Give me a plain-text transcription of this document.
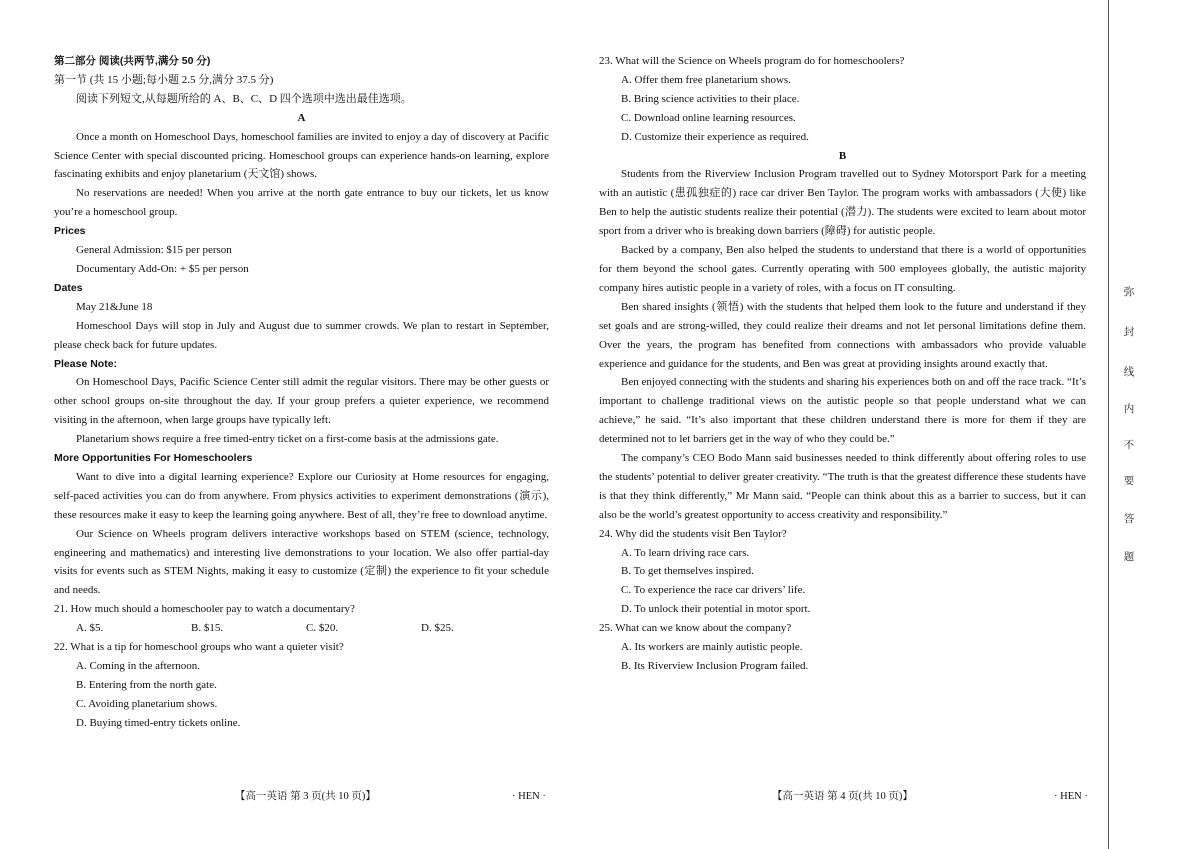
第二部分 阅读(共两节,满分 50 分)

第一节 (共 15 小题;每小题 2.5 分,满分 37.5 分)

阅读下列短文,从每题所给的 A、B、C、D 四个选项中选出最佳选项。

A

Once a month on Homeschool Days, homeschool families are invited to enjoy a day of discovery at Pacific Science Center with special discounted pricing. Homeschool groups can experience hands-on learning, explore fascinating exhibits and enjoy planetarium (天文馆) shows.

No reservations are needed! When you arrive at the north gate entrance to buy our tickets, let us know you’re a homeschool group.

Prices

General Admission: $15 per person

Documentary Add-On: + $5 per person

Dates

May 21&June 18

Homeschool Days will stop in July and August due to summer crowds. We plan to restart in September, please check back for future updates.

Please Note:

On Homeschool Days, Pacific Science Center still admit the regular visitors. There may be other guests or other school groups on-site throughout the day. If your group prefers a quieter experience, we recommend visiting in the afternoon, when large groups have typically left.

Planetarium shows require a free timed-entry ticket on a first-come basis at the admissions gate.

More Opportunities For Homeschoolers

Want to dive into a digital learning experience? Explore our Curiosity at Home resources for engaging, self-paced activities you can do from anywhere. From physics activities to experiment demonstrations (演示), these resources make it easy to keep the learning going anywhere. Best of all, they’re free to download anytime.

Our Science on Wheels program delivers interactive workshops based on STEM (science, technology, engineering and mathematics) and interesting live demonstrations to your location. We also offer partial-day visits for events such as STEM Nights, making it easy to customize (定制) the experience to fit your schedule and needs.

21. How much should a homeschooler pay to watch a documentary?

A. $5.	B. $15.	C. $20.	D. $25.

22. What is a tip for homeschool groups who want a quieter visit?

A. Coming in the afternoon.

B. Entering from the north gate.

C. Avoiding planetarium shows.

D. Buying timed-entry tickets online.

【高一英语 第 3 页(共 10 页)】	· HEN ·

23. What will the Science on Wheels program do for homeschoolers?

A. Offer them free planetarium shows.

B. Bring science activities to their place.

C. Download online learning resources.

D. Customize their experience as required.

B

Students from the Riverview Inclusion Program travelled out to Sydney Motorsport Park for a meeting with an autistic (患孤独症的) race car driver Ben Taylor. The program works with ambassadors (大使) like Ben to help the autistic students realize their potential (潜力). The students were excited to learn about motor sport from a driver who is breaking down barriers (障碍) for autistic people.

Backed by a company, Ben also helped the students to understand that there is a world of opportunities for them beyond the school gates. Currently operating with 500 employees globally, the autistic majority company hires autistic people in a variety of roles, with a focus on IT consulting.

Ben shared insights (领悟) with the students that helped them look to the future and understand if they set goals and are strong-willed, they could realize their dreams and not let personal limitations define them. Over the years, the program has benefited from connections with ambassadors who provide valuable experience and guidance for the students, and Ben was great at providing insights around exactly that.

Ben enjoyed connecting with the students and sharing his experiences both on and off the race track. “It’s important to challenge traditional views on the autistic people so that people understand what we can achieve,” he said. “It’s also important that these children understand there is more for them if they are determined not to let barriers get in the way of who they could be.”

The company’s CEO Bodo Mann said businesses needed to think differently about offering roles to use the students’ potential to deliver greater creativity. “The truth is that the greatest difference these students have is that they think differently,” Mr Mann said. “People can think about this as a barrier to success, but it can also be the world’s greatest opportunity to access creativity and responsibility.”

24. Why did the students visit Ben Taylor?

A. To learn driving race cars.

B. To get themselves inspired.

C. To experience the race car drivers’ life.

D. To unlock their potential in motor sport.

25. What can we know about the company?

A. Its workers are mainly autistic people.

B. Its Riverview Inclusion Program failed.

【高一英语 第 4 页(共 10 页)】	· HEN ·
弥
封
线
内
不
要
答
题
